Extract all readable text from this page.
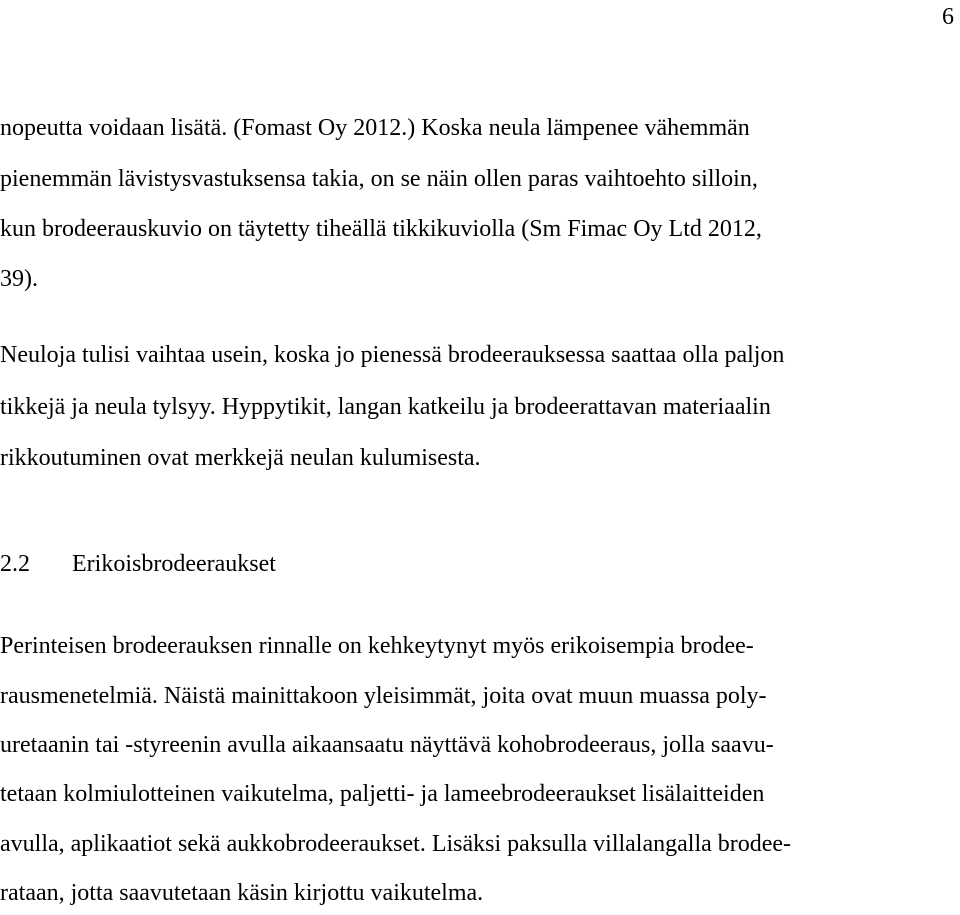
6
nopeutta voidaan lisätä. (Fomast Oy 2012.) Koska neula lämpenee vähemmän
pienemmän lävistysvastuksensa takia, on se näin ollen paras vaihtoehto silloin,
kun brodeerauskuvio on täytetty tiheällä tikkikuviolla (Sm Fimac Oy Ltd 2012,
39).
Neuloja tulisi vaihtaa usein, koska jo pienessä brodeerauksessa saattaa olla paljon
tikkejä ja neula tylsyy. Hyppytikit, langan katkeilu ja brodeerattavan materiaalin
rikkoutuminen ovat merkkejä neulan kulumisesta.
2.2 Erikoisbrodeeraukset
Perinteisen brodeerauksen rinnalle on kehkeytynyt myös erikoisempia brodee-
rausmenetelmiä. Näistä mainittakoon yleisimmät, joita ovat muun muassa poly-
uretaanin tai -styreenin avulla aikaansaatu näyttävä kohobrodeeraus, jolla saavu-
tetaan kolmiulotteinen vaikutelma, paljetti- ja lameebrodeeraukset lisälaitteiden
avulla, aplikaatiot sekä aukkobrodeeraukset. Lisäksi paksulla villalangalla brodee-
rataan, jotta saavutetaan käsin kirjottu vaikutelma.
